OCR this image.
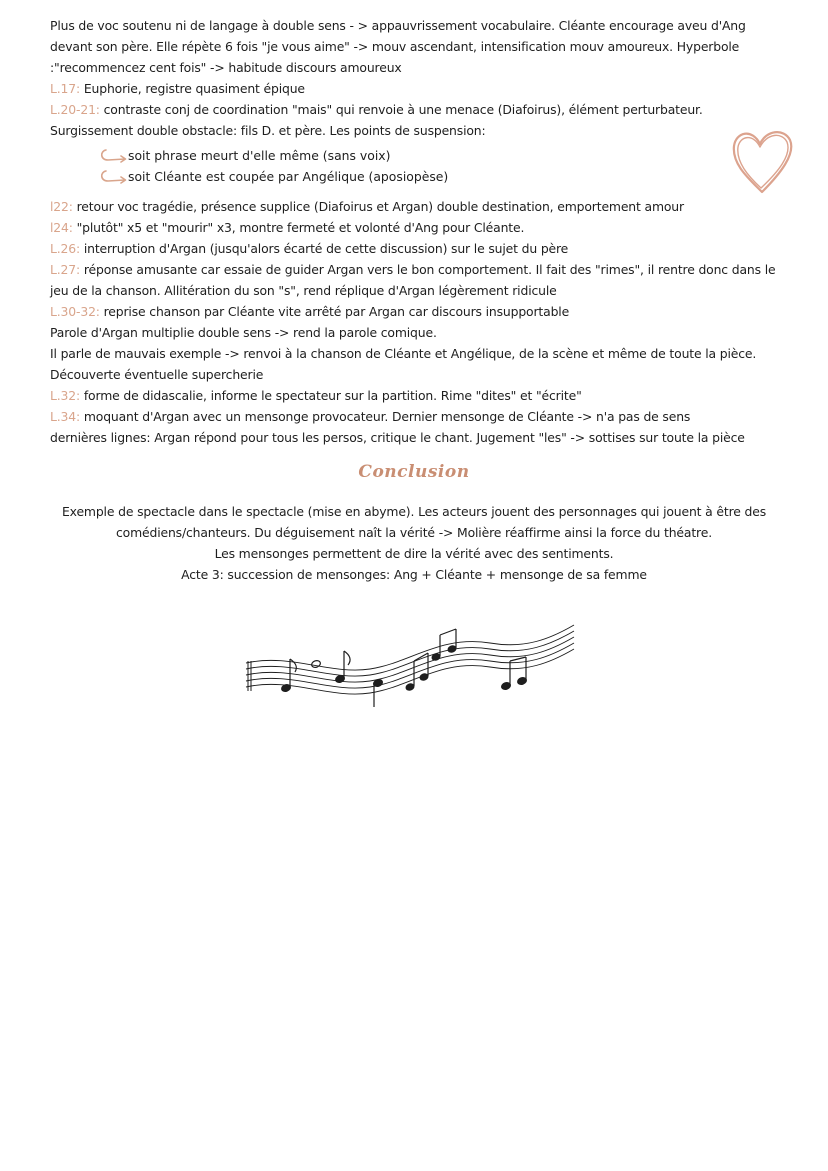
Plus de voc soutenu ni de langage à double sens - > appauvrissement vocabulaire. Cléante encourage aveu d'Ang
devant son père. Elle répète 6 fois "je vous aime" -> mouv ascendant, intensification mouv amoureux. Hyperbole
:"recommencez cent fois" -> habitude discours amoureux
L.17: Euphorie, registre quasiment épique
L.20-21: contraste conj de coordination "mais" qui renvoie à une menace (Diafoirus), élément perturbateur.
Surgissement double obstacle: fils D. et père. Les points de suspension:
soit phrase meurt d'elle même (sans voix)
soit Cléante est coupée par Angélique (aposiopèse)
l22: retour voc tragédie, présence supplice (Diafoirus et Argan) double destination, emportement amour
l24: "plutôt" x5 et "mourir" x3, montre fermeté et volonté d'Ang pour Cléante.
L.26: interruption d'Argan (jusqu'alors écarté de cette discussion) sur le sujet du père
L.27: réponse amusante car essaie de guider Argan vers le bon comportement. Il fait des "rimes", il rentre donc dans le
jeu de la chanson. Allitération du son "s", rend réplique d'Argan légèrement ridicule
L.30-32: reprise chanson par Cléante vite arrêté par Argan car discours insupportable
Parole d'Argan multiplie double sens -> rend la parole comique.
Il parle de mauvais exemple -> renvoi à la chanson de Cléante et Angélique, de la scène et même de toute la pièce.
Découverte éventuelle supercherie
L.32: forme de didascalie, informe le spectateur sur la partition. Rime "dites" et "écrite"
L.34: moquant d'Argan avec un mensonge provocateur. Dernier mensonge de Cléante -> n'a pas de sens
dernières lignes: Argan répond pour tous les persos, critique le chant. Jugement "les" -> sottises sur toute la pièce
Conclusion
Exemple de spectacle dans le spectacle (mise en abyme). Les acteurs jouent des personnages qui jouent à être des
comédiens/chanteurs. Du déguisement naît la vérité -> Molière réaffirme ainsi la force du théatre.
Les mensonges permettent de dire la vérité avec des sentiments.
Acte 3: succession de mensonges: Ang + Cléante + mensonge de sa femme
